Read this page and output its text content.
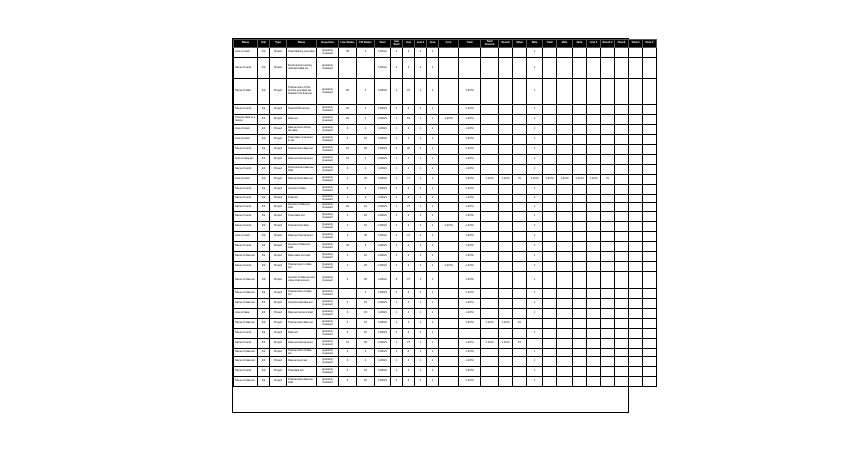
Name	Unit	Type	Name	Inspection	Line Status	Fill Status	Start	Aux Start	Line	Line 2	Area	Cost	Total	Total Amount	Result	Value	Date	Total	Rate	Note	Line 3	Result 2	Check	Total 2	Note 2
Area of work	1/2	Project	Total tracking cost data	Quarterly reviewed	35	2	1/20/21	1	4	1	1						1								
Name of work	1/2	Project	Fixed amount during reviewed data set	Quarterly reviewed			1/20/21	1	4	1	1						1								
Name of data	1/2	Project	Total amount of the service and data set between the final set	Quarterly reviewed	35	2	1/20/21	1	37	1	1		1.23 M				1								
Name of work	1/2	Project	Total full fill service	Quarterly reviewed	30	1	1/20/21	1	4	1	1		1.23 M				1								
Process data in a review	1/2	Project	Data set	Quarterly reviewed	20	2	1/20/21	1	63	1	1	1.23 M	1.23 M				1								
Area of work	1/2	Project	Data amount during the data	Quarterly reviewed	3	2	1/20/21	1	3	1	1		1.23 M				1								
Area of work	1/2	Project	Total value of amount in set	Quarterly reviewed	3	15	1/20/21	1	4	1	1		1.23 M				1								
Name of work	1/2	Project	Total amount data set	Quarterly reviewed	15	25	1/20/21	2	30	1	1		1.23 M				1								
Area of data set	1/2	Project	Data set total amount	Quarterly reviewed	15	2	1/20/21	1	4	1	1		1.23 M				1								
Name of work	1/2	Project	Fixed amount data set total	Quarterly reviewed	3	2	1/20/21	1	4	1	1		1.23 M				1								
Area of work	1/2	Project	Data amount data set	Quarterly reviewed	1	75	1/20/21	1	77	1	1		1.23 M	1.23 M	1.23 M	75	1.23 M	1.23 M	1.23 M	1.23 M	1.23 M	75			
Name of work	1/2	Project	Amount of data	Quarterly reviewed	3	2	1/20/21	1	4	1	1		1.23 M				1								
Name of work	1/2	Project	Total set	Quarterly reviewed	1	2	1/20/21	1	4	1	1		1.23 M				1								
Name of work	1/2	Project	Amount of data set total	Quarterly reviewed	20	10	1/20/21	1	37	1	1		1.23 M				1								
Name of work	1/2	Project	Total value set	Quarterly reviewed	1	15	1/20/21	1	4	1	1		1.23 M				1								
Name of work	1/2	Project	Total amount data	Quarterly reviewed	1	15	1/20/21	1	4	1	1	1.23 M	1.23 M				1								
Area of work	1/2	Project	Data set total amount	Quarterly reviewed	3	25	1/20/21	1	37	1	1		1.23 M				1								
Name of work	1/2	Project	Amount of data set total	Quarterly reviewed	20	5	1/20/21	1	4	1	1		1.23 M				1								
Name of data set	1/2	Project	Data value set total	Quarterly reviewed	1	10	1/20/21	1	4	1	1		1.23 M				1								
Name of work	1/2	Project	Total amount in data set	Quarterly reviewed	1	25	1/20/21	1	4	1	1	1.23 M	1.23 M				1								
Name of data set	1/2	Project	Amount of data set and value total amount	Quarterly reviewed	3	35	1/20/21	5	37	1	1		1.23 M				1								
Name of data set	1/2	Project	Total amount of data set	Quarterly reviewed		1	1/20/21	1	4	1	1		1.23 M				1								
Name of data set	1/2	Project	Amount total data set	Quarterly reviewed	3	15	1/20/21	1	4	1	1		1.23 M				1								
Area of data	1/2	Project	Data set amount total	Quarterly reviewed	3	15	1/20/21	1	4	1	1		1.23 M				1								
Name of data set	1/2	Project	Total amount data set	Quarterly reviewed	3	15	1/20/21	1	4	1	1		1.23 M	1.23 M	1.23 M	15									
Name of work	1/2	Project	Data set	Quarterly reviewed	3	15	1/20/21	1	4	1	1						1								
Name of work	1/2	Project	Data set total amount	Quarterly reviewed	15	25	1/20/21	1	37	1	1		1.23 M	1.23 M	1.23 M	15									
Name of data set	1/2	Project	Total amount of data set	Quarterly reviewed	3	2	1/20/21	1	4	1	1		1.23 M				1								
Name of data set	1/2	Project	Data amount set	Quarterly reviewed	3	2	1/20/21	1	4	1	1		1.23 M				1								
Name of work	1/2	Project	Total data set	Quarterly reviewed	3	15	1/20/21	1	4	1	1		1.23 M				1								
Name of data set	1/2	Project	Total amount data set total	Quarterly reviewed	3	15	1/20/21	1	4	1	1		1.23 M				1								
